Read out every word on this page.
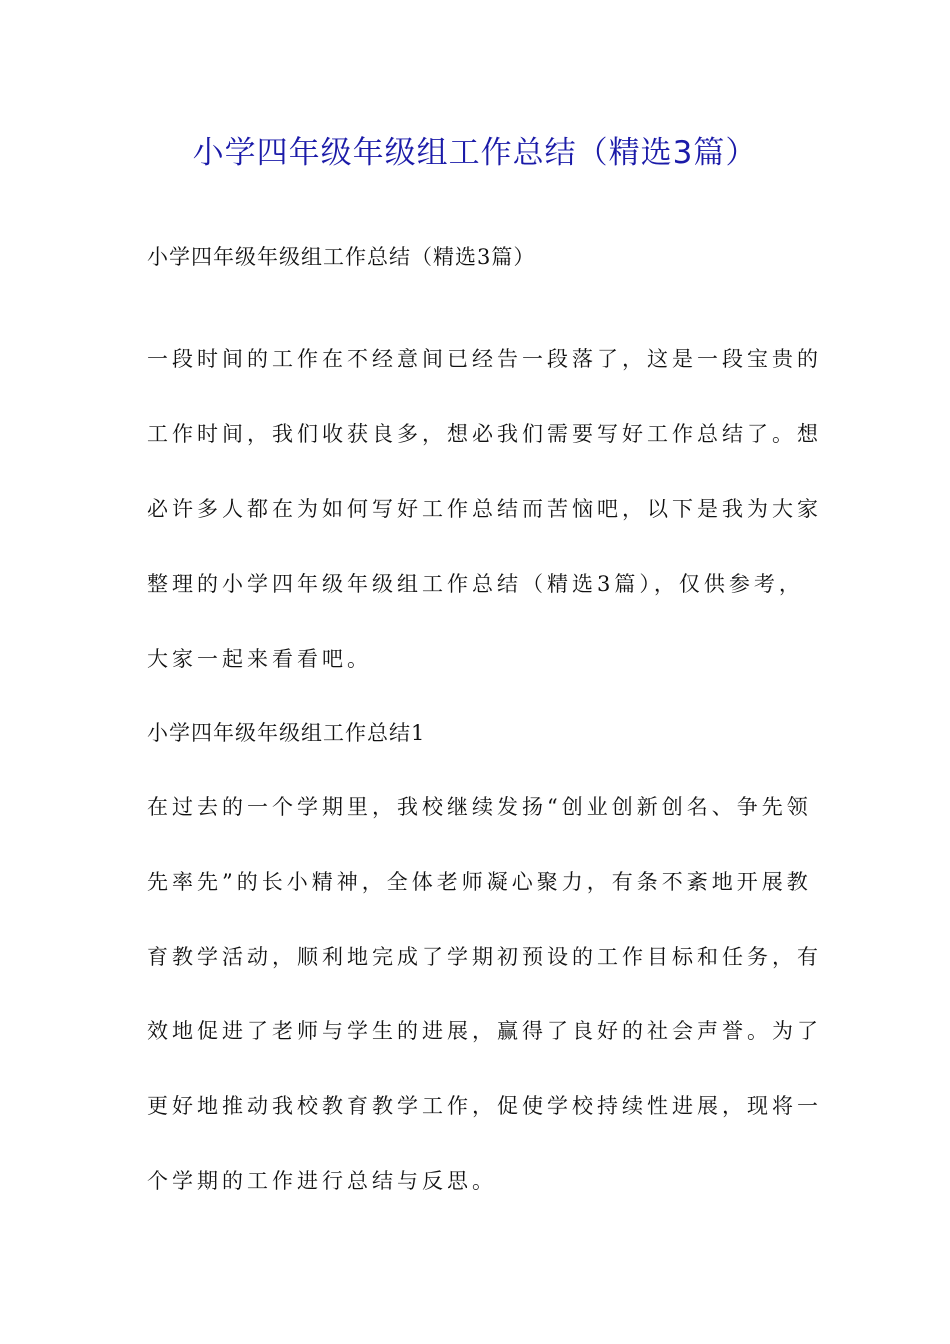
小学四年级年级组工作总结（精选3篇）
小学四年级年级组工作总结（精选3篇）
一段时间的工作在不经意间已经告一段落了，这是一段宝贵的
工作时间，我们收获良多，想必我们需要写好工作总结了。想
必许多人都在为如何写好工作总结而苦恼吧，以下是我为大家
整理的小学四年级年级组工作总结（精选3篇），仅供参考，
大家一起来看看吧。
小学四年级年级组工作总结1
在过去的一个学期里，我校继续发扬“创业创新创名、争先领
先率先”的长小精神，全体老师凝心聚力，有条不紊地开展教
育教学活动，顺利地完成了学期初预设的工作目标和任务，有
效地促进了老师与学生的进展，赢得了良好的社会声誉。为了
更好地推动我校教育教学工作，促使学校持续性进展，现将一
个学期的工作进行总结与反思。
